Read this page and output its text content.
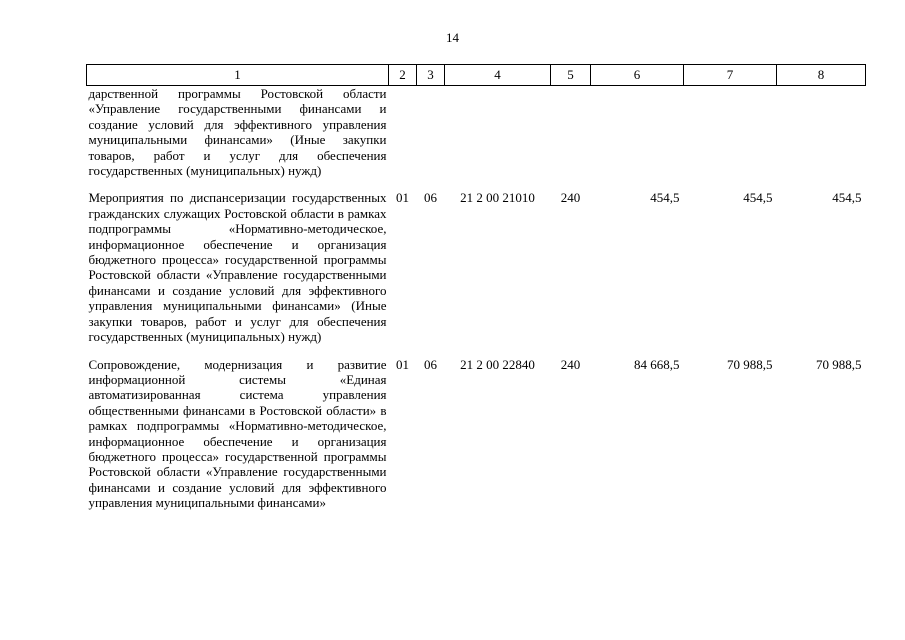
14
1	2	3	4	5	6	7	8
дарственной программы Ростовской области «Управление государственными финансами и создание условий для эффективного управления муниципальными финансами» (Иные закупки товаров, работ и услуг для обеспечения государственных (муниципальных) нужд)							
Мероприятия по диспансеризации государственных гражданских служащих Ростовской области в рамках подпрограммы «Нормативно-методическое, информационное обеспечение и организация бюджетного процесса» государственной программы Ростовской области «Управление государственными финансами и создание условий для эффективного управления муниципальными финансами» (Иные закупки товаров, работ и услуг для обеспечения государственных (муниципальных) нужд)	01	06	21 2 00 21010	240	454,5	454,5	454,5
Сопровождение, модернизация и развитие информационной системы «Единая автоматизированная система управления общественными финансами в Ростовской области» в рамках подпрограммы «Нормативно-методическое, информационное обеспечение и организация бюджетного процесса» государственной программы Ростовской области «Управление государственными финансами и создание условий для эффективного управления муниципальными финансами»	01	06	21 2 00 22840	240	84 668,5	70 988,5	70 988,5
